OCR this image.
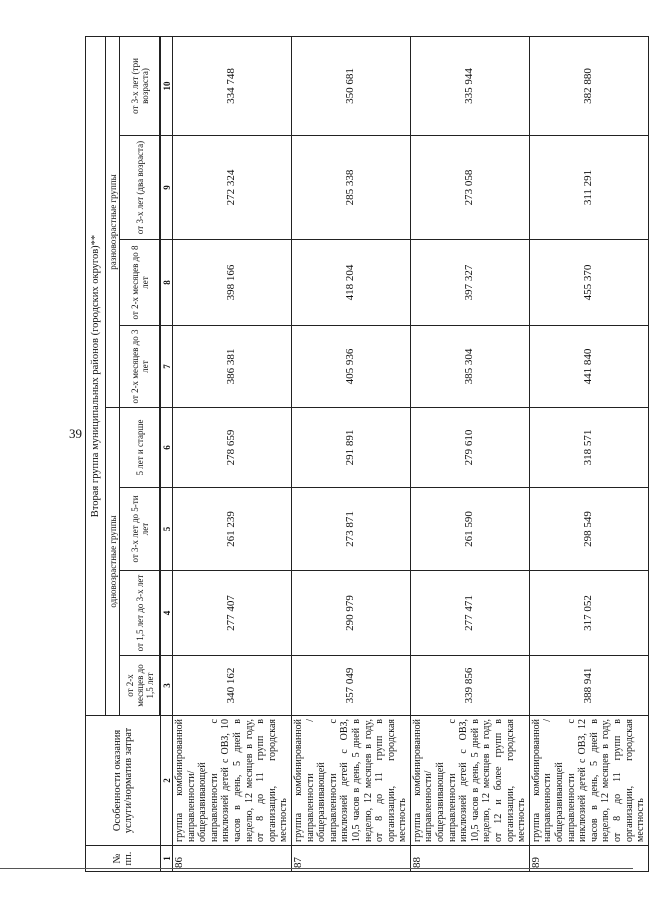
39
№ пп.	Особенности оказания услуги/норматив затрат	Вторая группа муниципальных районов (городских округов)**							
		одновозрастные группы				разновозрастные группы			
		от 2-х месяцев до 1,5 лет	от 1,5 лет до 3-х лет	от 3-х лет до 5-ти лет	5 лет и старше	от 2-х месяцев до 3 лет	от 2-х месяцев до 8 лет	от 3-х лет (два возраста)	от 3-х лет (три возраста)

1	2	3	4	5	6	7	8	9	10
86	группа комбинированной направленности/ общеразвивающей направленности с инклюзией детей с ОВЗ, 10 часов в день, 5 дней в неделю, 12 месяцев в году, от 8 до 11 групп в организации, городская местность	340 162	277 407	261 239	278 659	386 381	398 166	272 324	334 748
87	группа комбинированной направленности / общеразвивающей направленности с инклюзией детей с ОВЗ, 10,5 часов в день, 5 дней в неделю, 12 месяцев в году, от 8 до 11 групп в организации, городская местность	357 049	290 979	273 871	291 891	405 936	418 204	285 338	350 681
88	группа комбинированной направленности/ общеразвивающей направленности с инклюзией детей с ОВЗ, 10,5 часов в день, 5 дней в неделю, 12 месяцев в году, от 12 и более групп в организации, городская местность	339 856	277 471	261 590	279 610	385 304	397 327	273 058	335 944
89	группа комбинированной направленности / общеразвивающей направленности с инклюзией детей с ОВЗ, 12 часов в день, 5 дней в неделю, 12 месяцев в году, от 8 до 11 групп в организации, городская местность	388 941	317 052	298 549	318 571	441 840	455 370	311 291	382 880
